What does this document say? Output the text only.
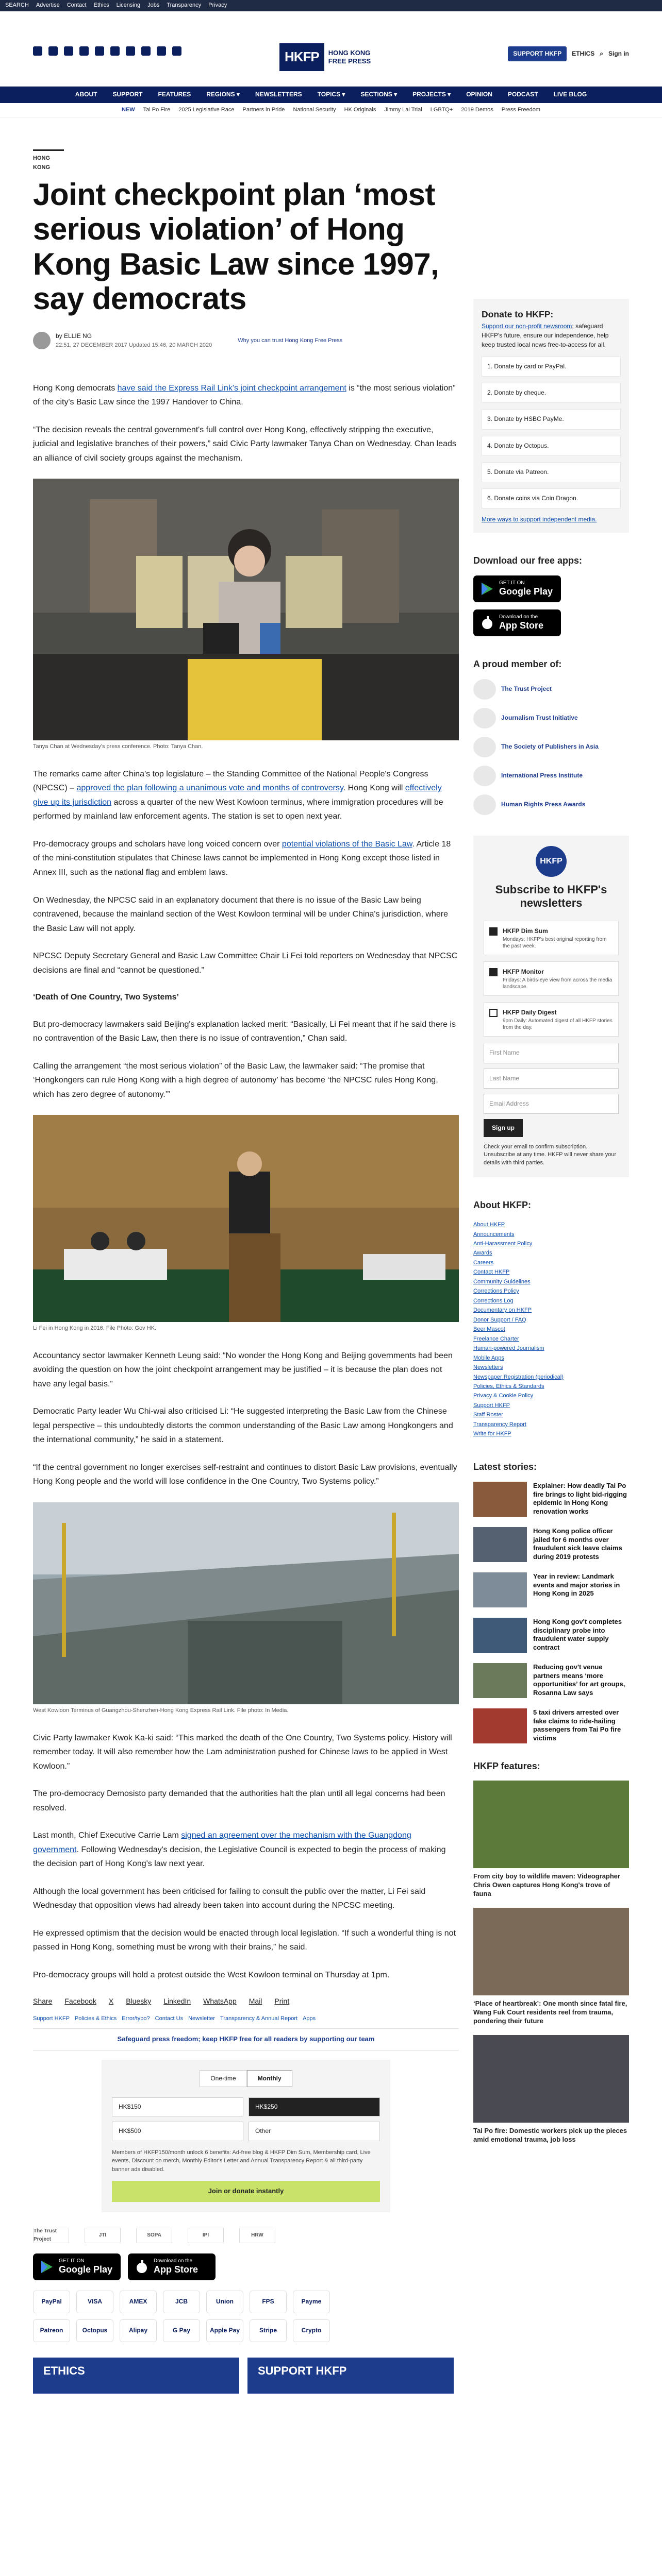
SEARCH Advertise Contact Ethics Licensing Jobs Transparency Privacy
HKFP	HONG KONG
FREE PRESS
SUPPORT HKFP	ETHICS ⌕ Sign in
ABOUT	SUPPORT	FEATURES	REGIONS ▾	NEWSLETTERS	TOPICS ▾	SECTIONS ▾	PROJECTS ▾	OPINION	PODCAST	LIVE BLOG
NEW Tai Po Fire 2025 Legislative Race Partners in Pride National Security HK Originals Jimmy Lai Trial LGBTQ+ 2019 Demos Press Freedom
HONG KONG
Joint checkpoint plan ‘most serious violation’ of Hong Kong Basic Law since 1997, say democrats
by ELLIE NG
22:51, 27 DECEMBER 2017 Updated 15:46, 20 MARCH 2020
Why you can trust Hong Kong Free Press

Hong Kong democrats have said the Express Rail Link's joint checkpoint arrangement is “the most serious violation” of the city's Basic Law since the 1997 Handover to China.

“The decision reveals the central government's full control over Hong Kong, effectively stripping the executive, judicial and legislative branches of their powers,” said Civic Party lawmaker Tanya Chan on Wednesday. Chan leads an alliance of civil society groups against the mechanism.

Tanya Chan at Wednesday's press conference. Photo: Tanya Chan.

The remarks came after China's top legislature – the Standing Committee of the National People's Congress (NPCSC) – approved the plan following a unanimous vote and months of controversy. Hong Kong will effectively give up its jurisdiction across a quarter of the new West Kowloon terminus, where immigration procedures will be performed by mainland law enforcement agents. The station is set to open next year.

Pro-democracy groups and scholars have long voiced concern over potential violations of the Basic Law. Article 18 of the mini-constitution stipulates that Chinese laws cannot be implemented in Hong Kong except those listed in Annex III, such as the national flag and emblem laws.

On Wednesday, the NPCSC said in an explanatory document that there is no issue of the Basic Law being contravened, because the mainland section of the West Kowloon terminal will be under China's jurisdiction, where the Basic Law will not apply.

NPCSC Deputy Secretary General and Basic Law Committee Chair Li Fei told reporters on Wednesday that NPCSC decisions are final and “cannot be questioned.”

‘Death of One Country, Two Systems’

But pro-democracy lawmakers said Beijing's explanation lacked merit: “Basically, Li Fei meant that if he said there is no contravention of the Basic Law, then there is no issue of contravention,” Chan said.

Calling the arrangement “the most serious violation” of the Basic Law, the lawmaker said: “The promise that ‘Hongkongers can rule Hong Kong with a high degree of autonomy’ has become ‘the NPCSC rules Hong Kong, which has zero degree of autonomy.’”

Li Fei in Hong Kong in 2016. File Photo: Gov HK.

Accountancy sector lawmaker Kenneth Leung said: “No wonder the Hong Kong and Beijing governments had been avoiding the question on how the joint checkpoint arrangement may be justified – it is because the plan does not have any legal basis.”

Democratic Party leader Wu Chi-wai also criticised Li: “He suggested interpreting the Basic Law from the Chinese legal perspective – this undoubtedly distorts the common understanding of the Basic Law among Hongkongers and the international community,” he said in a statement.

“If the central government no longer exercises self-restraint and continues to distort Basic Law provisions, eventually Hong Kong people and the world will lose confidence in the One Country, Two Systems policy.”

West Kowloon Terminus of Guangzhou-Shenzhen-Hong Kong Express Rail Link. File photo: In Media.

Civic Party lawmaker Kwok Ka-ki said: “This marked the death of the One Country, Two Systems policy. History will remember today. It will also remember how the Lam administration pushed for Chinese laws to be applied in West Kowloon.”

The pro-democracy Demosisto party demanded that the authorities halt the plan until all legal concerns had been resolved.

Last month, Chief Executive Carrie Lam signed an agreement over the mechanism with the Guangdong government. Following Wednesday's decision, the Legislative Council is expected to begin the process of making the decision part of Hong Kong's law next year.

Although the local government has been criticised for failing to consult the public over the matter, Li Fei said Wednesday that opposition views had already been taken into account during the NPCSC meeting.

He expressed optimism that the decision would be enacted through local legislation. “If such a wonderful thing is not passed in Hong Kong, something must be wrong with their brains,” he said.

Pro-democracy groups will hold a protest outside the West Kowloon terminal on Thursday at 1pm.

Share Facebook X Bluesky LinkedIn WhatsApp Mail Print
Support HKFP Policies & Ethics Error/typo? Contact Us Newsletter Transparency & Annual Report Apps
Safeguard press freedom; keep HKFP free for all readers by supporting our team
One-time	Monthly
HK$150	HK$250
HK$500	Other
Members of HKFP150/month unlock 6 benefits: Ad-free blog & HKFP Dim Sum, Membership card, Live events, Discount on merch, Monthly Editor's Letter and Annual Transparency Report & all third-party banner ads disabled.
Join or donate instantly
The Trust Project
JTI	SOPA	IPI	HRW
GET IT ON
Google Play
Download on the
App Store
PayPal	VISA	AMEX	JCB	Union	FPS	Payme
Patreon	Octopus	Alipay	G Pay	Apple Pay	Stripe	Crypto
ETHICS	SUPPORT HKFP
Donate to HKFP:

Support our non-profit newsroom; safeguard HKFP's future, ensure our independence, help keep trusted local news free-to-access for all.

1. Donate by card or PayPal.
2. Donate by cheque.
3. Donate by HSBC PayMe.
4. Donate by Octopus.
5. Donate via Patreon.
6. Donate coins via Coin Dragon.
More ways to support independent media.
Download our free apps:
GET IT ON
Google Play
Download on the
App Store
A proud member of:
The Trust Project
Journalism Trust Initiative
The Society of Publishers in Asia
International Press Institute
Human Rights Press Awards
HKFP
Subscribe to HKFP's newsletters
HKFP Dim Sum
Mondays: HKFP's best original reporting from the past week.
HKFP Monitor
Fridays: A birds-eye view from across the media landscape.
HKFP Daily Digest
9pm Daily: Automated digest of all HKFP stories from the day.
First Name
Last Name
Email Address
Sign up
Check your email to confirm subscription. Unsubscribe at any time. HKFP will never share your details with third parties.
About HKFP:
About HKFP
Announcements
Anti-Harassment Policy
Awards
Careers
Contact HKFP
Community Guidelines
Corrections Policy
Corrections Log
Documentary on HKFP
Donor Support / FAQ
Beer Mascot
Freelance Charter
Human-powered Journalism
Mobile Apps
Newsletters
Newspaper Registration (periodical)
Policies, Ethics & Standards
Privacy & Cookie Policy
Support HKFP
Staff Roster
Transparency Report
Write for HKFP
Latest stories:
Explainer: How deadly Tai Po fire brings to light bid-rigging epidemic in Hong Kong renovation works
Hong Kong police officer jailed for 6 months over fraudulent sick leave claims during 2019 protests
Year in review: Landmark events and major stories in Hong Kong in 2025
Hong Kong gov't completes disciplinary probe into fraudulent water supply contract
Reducing gov't venue partners means ‘more opportunities’ for art groups, Rosanna Law says
5 taxi drivers arrested over fake claims to ride-hailing passengers from Tai Po fire victims
HKFP features:
From city boy to wildlife maven: Videographer Chris Owen captures Hong Kong's trove of fauna
‘Place of heartbreak’: One month since fatal fire, Wang Fuk Court residents reel from trauma, pondering their future
Tai Po fire: Domestic workers pick up the pieces amid emotional trauma, job loss
